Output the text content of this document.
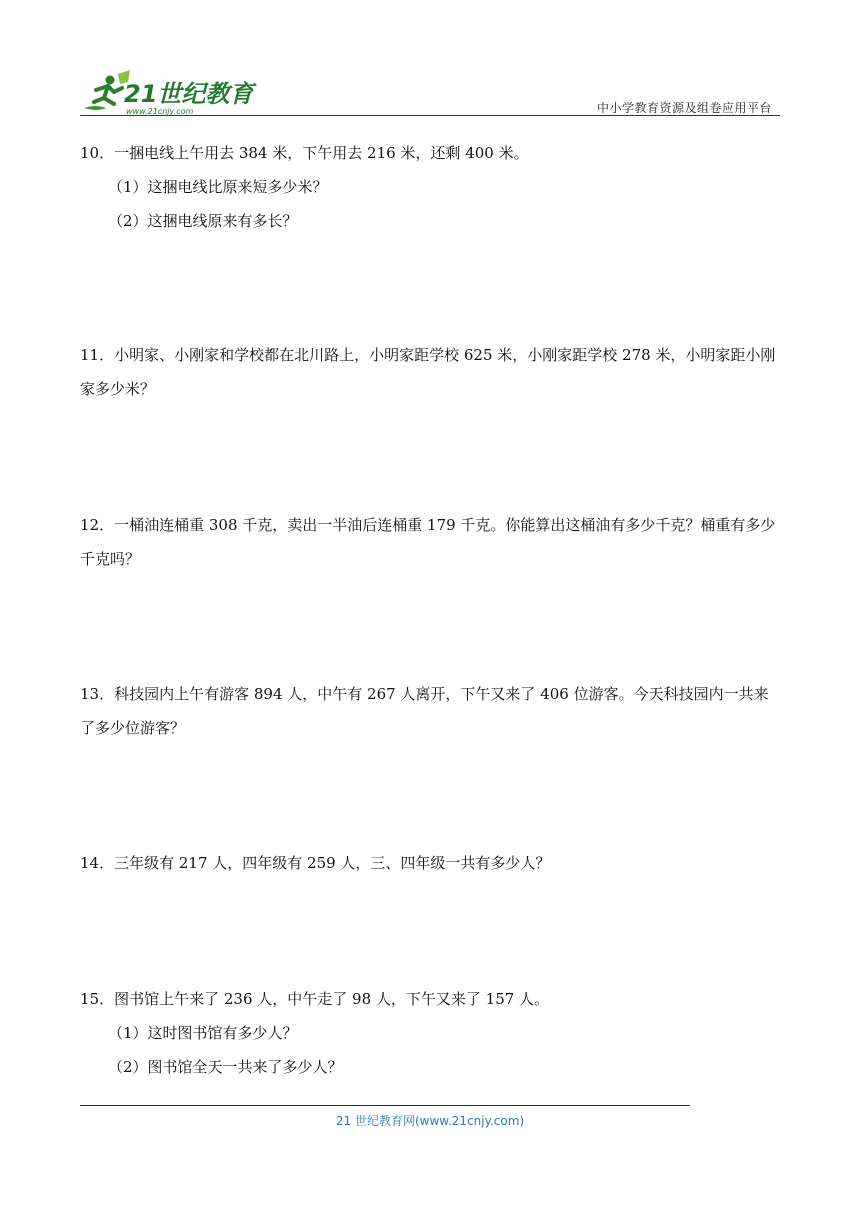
21世纪教育
www.21cnjy.com	中小学教育资源及组卷应用平台
10．一捆电线上午用去 384 米，下午用去 216 米，还剩 400 米。
（1）这捆电线比原来短多少米？
（2）这捆电线原来有多长？
11．小明家、小刚家和学校都在北川路上，小明家距学校 625 米，小刚家距学校 278 米，小明家距小刚家多少米？
12．一桶油连桶重 308 千克，卖出一半油后连桶重 179 千克。你能算出这桶油有多少千克？桶重有多少千克吗？
13．科技园内上午有游客 894 人，中午有 267 人离开，下午又来了 406 位游客。今天科技园内一共来了多少位游客？
14．三年级有 217 人，四年级有 259 人，三、四年级一共有多少人？
15．图书馆上午来了 236 人，中午走了 98 人，下午又来了 157 人。
（1）这时图书馆有多少人？
（2）图书馆全天一共来了多少人？
21 世纪教育网(www.21cnjy.com)
